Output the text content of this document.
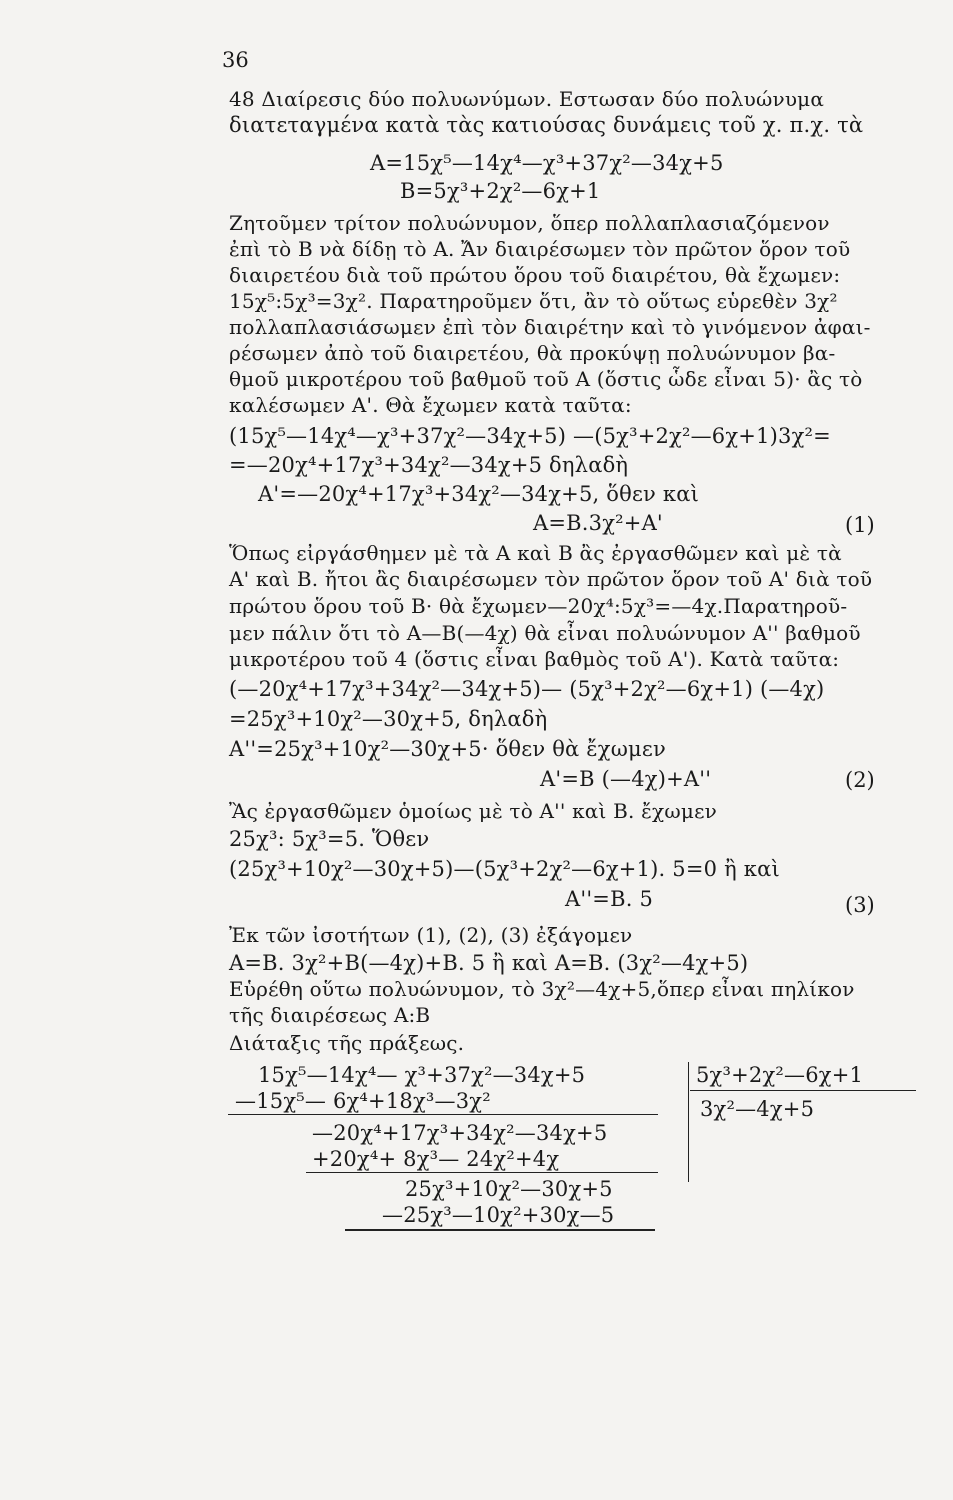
36
48 Διαίρεσις δύο πολυωνύμων. Εστωσαν δύο πολυώνυμα
διατεταγμένα κατὰ τὰς κατιούσας δυνάμεις τοῦ χ. π.χ. τὰ
Α=15χ⁵—14χ⁴—χ³+37χ²—34χ+5
Β=5χ³+2χ²—6χ+1
Ζητοῦμεν τρίτον πολυώνυμον, ὅπερ πολλαπλασιαζόμενον
ἐπὶ τὸ Β νὰ δίδῃ τὸ Α. Ἄν διαιρέσωμεν τὸν πρῶτον ὅρον τοῦ
διαιρετέου διὰ τοῦ πρώτου ὅρου τοῦ διαιρέτου, θὰ ἔχωμεν:
15χ⁵:5χ³=3χ². Παρατηροῦμεν ὅτι, ἂν τὸ οὕτως εὑρεθὲν 3χ²
πολλαπλασιάσωμεν ἐπὶ τὸν διαιρέτην καὶ τὸ γινόμενον ἀφαι-
ρέσωμεν ἀπὸ τοῦ διαιρετέου, θὰ προκύψῃ πολυώνυμον βα-
θμοῦ μικροτέρου τοῦ βαθμοῦ τοῦ Α (ὅστις ὧδε εἶναι 5)· ἂς τὸ
καλέσωμεν Α'. Θὰ ἔχωμεν κατὰ ταῦτα:
(15χ⁵—14χ⁴—χ³+37χ²—34χ+5) —(5χ³+2χ²—6χ+1)3χ²=
=—20χ⁴+17χ³+34χ²—34χ+5 δηλαδὴ
Α'=—20χ⁴+17χ³+34χ²—34χ+5, ὅθεν καὶ
Α=Β.3χ²+Α'	(1)
Ὅπως εἰργάσθημεν μὲ τὰ Α καὶ Β ἂς ἐργασθῶμεν καὶ μὲ τὰ
Α' καὶ Β. ἤτοι ἂς διαιρέσωμεν τὸν πρῶτον ὅρον τοῦ Α' διὰ τοῦ
πρώτου ὅρου τοῦ Β· θὰ ἔχωμεν—20χ⁴:5χ³=—4χ.Παρατηροῦ-
μεν πάλιν ὅτι τὸ Α—Β(—4χ) θὰ εἶναι πολυώνυμον Α'' βαθμοῦ
μικροτέρου τοῦ 4 (ὅστις εἶναι βαθμὸς τοῦ Α'). Κατὰ ταῦτα:
(—20χ⁴+17χ³+34χ²—34χ+5)— (5χ³+2χ²—6χ+1) (—4χ)
=25χ³+10χ²—30χ+5, δηλαδὴ
Α''=25χ³+10χ²—30χ+5· ὅθεν θὰ ἔχωμεν
Α'=Β (—4χ)+Α''	(2)
Ἂς ἐργασθῶμεν ὁμοίως μὲ τὸ Α'' καὶ Β. ἔχωμεν
25χ³: 5χ³=5. Ὅθεν
(25χ³+10χ²—30χ+5)—(5χ³+2χ²—6χ+1). 5=0 ἢ καὶ
Α''=Β. 5	(3)
Ἐκ τῶν ἰσοτήτων (1), (2), (3) ἐξάγομεν
Α=Β. 3χ²+Β(—4χ)+Β. 5 ἢ καὶ Α=Β. (3χ²—4χ+5)
Εὑρέθη οὕτω πολυώνυμον, τὸ 3χ²—4χ+5,ὅπερ εἶναι πηλίκον
τῆς διαιρέσεως Α:Β
Διάταξις τῆς πράξεως.
15χ⁵—14χ⁴— χ³+37χ²—34χ+5
—15χ⁵— 6χ⁴+18χ³—3χ²
—20χ⁴+17χ³+34χ²—34χ+5
+20χ⁴+ 8χ³— 24χ²+4χ
25χ³+10χ²—30χ+5
—25χ³—10χ²+30χ—5
5χ³+2χ²—6χ+1
3χ²—4χ+5
